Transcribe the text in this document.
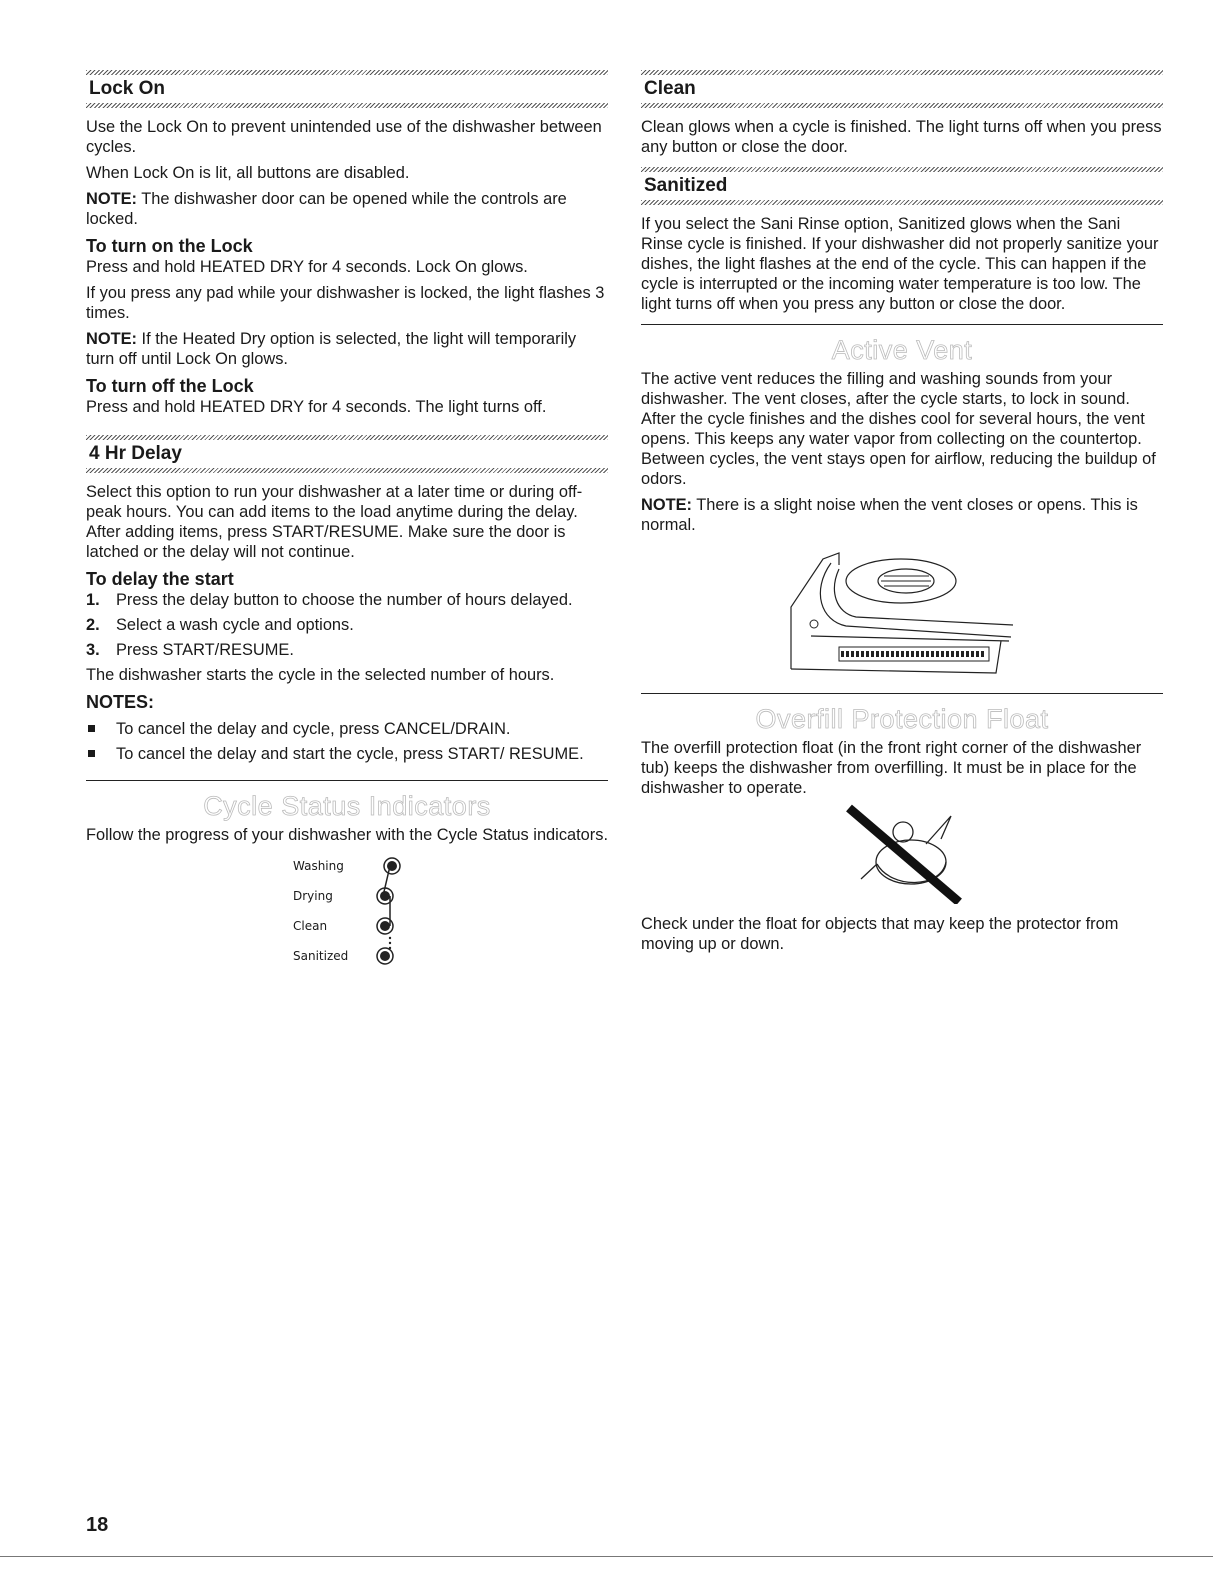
Lock On

Use the Lock On to prevent unintended use of the dishwasher between cycles.

When Lock On is lit, all buttons are disabled.

NOTE: The dishwasher door can be opened while the controls are locked.

To turn on the Lock

Press and hold HEATED DRY for 4 seconds. Lock On glows.

If you press any pad while your dishwasher is locked, the light flashes 3 times.

NOTE: If the Heated Dry option is selected, the light will temporarily turn off until Lock On glows.

To turn off the Lock

Press and hold HEATED DRY for 4 seconds. The light turns off.

4 Hr Delay

Select this option to run your dishwasher at a later time or during off-peak hours. You can add items to the load anytime during the delay. After adding items, press START/RESUME. Make sure the door is latched or the delay will not continue.

To delay the start
1. Press the delay button to choose the number of hours delayed.
2. Select a wash cycle and options.
3. Press START/RESUME.

The dishwasher starts the cycle in the selected number of hours.

NOTES:
To cancel the delay and cycle, press CANCEL/DRAIN.
To cancel the delay and start the cycle, press START/ RESUME.
Cycle Status Indicators

Follow the progress of your dishwasher with the Cycle Status indicators.

Washing
Drying
Clean
Sanitized
Clean

Clean glows when a cycle is finished. The light turns off when you press any button or close the door.

Sanitized

If you select the Sani Rinse option, Sanitized glows when the Sani Rinse cycle is finished. If your dishwasher did not properly sanitize your dishes, the light flashes at the end of the cycle. This can happen if the cycle is interrupted or the incoming water temperature is too low. The light turns off when you press any button or close the door.

Active Vent

The active vent reduces the filling and washing sounds from your dishwasher. The vent closes, after the cycle starts, to lock in sound. After the cycle finishes and the dishes cool for several hours, the vent opens. This keeps any water vapor from collecting on the countertop. Between cycles, the vent stays open for airflow, reducing the buildup of odors.

NOTE: There is a slight noise when the vent closes or opens. This is normal.

Overfill Protection Float

The overfill protection float (in the front right corner of the dishwasher tub) keeps the dishwasher from overfilling. It must be in place for the dishwasher to operate.

Check under the float for objects that may keep the protector from moving up or down.

18
